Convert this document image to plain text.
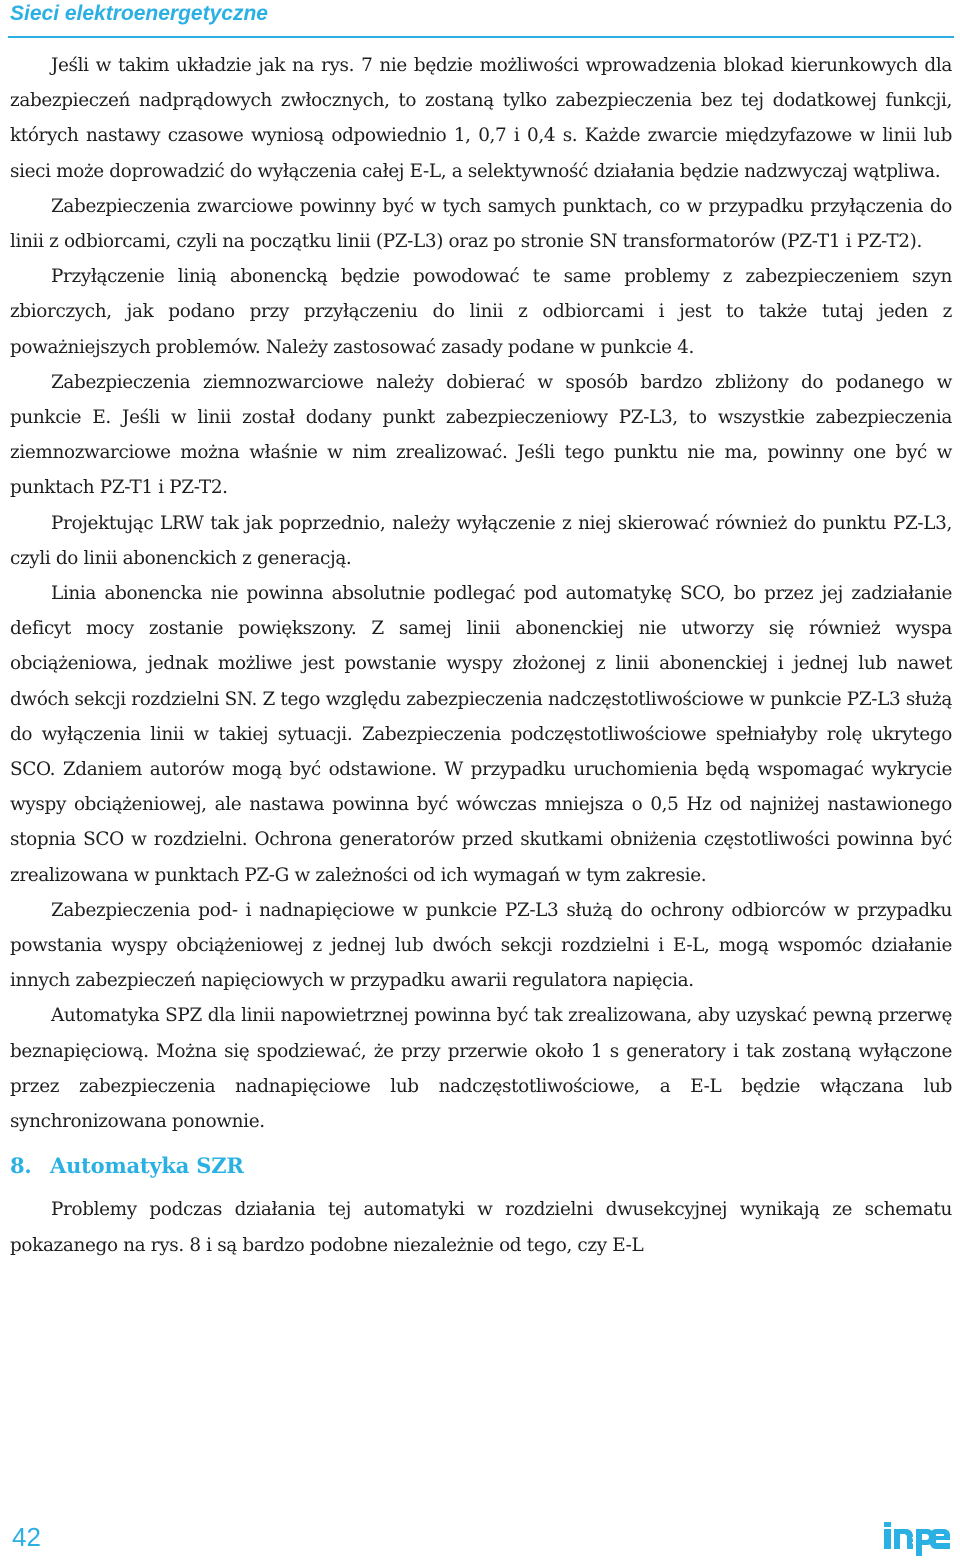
Sieci elektroenergetyczne

Jeśli w takim układzie jak na rys. 7 nie będzie możliwości wprowadzenia blokad kierunkowych dla zabezpieczeń nadprądowych zwłocznych, to zostaną tylko zabezpieczenia bez tej dodatkowej funkcji, których nastawy czasowe wyniosą odpowiednio 1, 0,7 i 0,4 s. Każde zwarcie międzyfazowe w linii lub sieci może doprowadzić do wyłączenia całej E-L, a selektywność działania będzie nadzwyczaj wątpliwa.

Zabezpieczenia zwarciowe powinny być w tych samych punktach, co w przypadku przyłączenia do linii z odbiorcami, czyli na początku linii (PZ-L3) oraz po stronie SN transformatorów (PZ-T1 i PZ-T2).

Przyłączenie linią abonencką będzie powodować te same problemy z zabezpieczeniem szyn zbiorczych, jak podano przy przyłączeniu do linii z odbiorcami i jest to także tutaj jeden z poważniejszych problemów. Należy zastosować zasady podane w punkcie 4.

Zabezpieczenia ziemnozwarciowe należy dobierać w sposób bardzo zbliżony do podanego w punkcie E. Jeśli w linii został dodany punkt zabezpieczeniowy PZ-L3, to wszystkie zabezpieczenia ziemnozwarciowe można właśnie w nim zrealizować. Jeśli tego punktu nie ma, powinny one być w punktach PZ-T1 i PZ-T2.

Projektując LRW tak jak poprzednio, należy wyłączenie z niej skierować również do punktu PZ-L3, czyli do linii abonenckich z generacją.

Linia abonencka nie powinna absolutnie podlegać pod automatykę SCO, bo przez jej zadziałanie deficyt mocy zostanie powiększony. Z samej linii abonenckiej nie utworzy się również wyspa obciążeniowa, jednak możliwe jest powstanie wyspy złożonej z linii abonenckiej i jednej lub nawet dwóch sekcji rozdzielni SN. Z tego względu zabezpieczenia nadczęstotliwościowe w punkcie PZ-L3 służą do wyłączenia linii w takiej sytuacji. Zabezpieczenia podczęstotliwościowe spełniałyby rolę ukrytego SCO. Zdaniem autorów mogą być odstawione. W przypadku uruchomienia będą wspomagać wykrycie wyspy obciążeniowej, ale nastawa powinna być wówczas mniejsza o 0,5 Hz od najniżej nastawionego stopnia SCO w rozdzielni. Ochrona generatorów przed skutkami obniżenia częstotliwości powinna być zrealizowana w punktach PZ-G w zależności od ich wymagań w tym zakresie.

Zabezpieczenia pod- i nadnapięciowe w punkcie PZ-L3 służą do ochrony odbiorców w przypadku powstania wyspy obciążeniowej z jednej lub dwóch sekcji rozdzielni i E-L, mogą wspomóc działanie innych zabezpieczeń napięciowych w przypadku awarii regulatora napięcia.

Automatyka SPZ dla linii napowietrznej powinna być tak zrealizowana, aby uzyskać pewną przerwę beznapięciową. Można się spodziewać, że przy przerwie około 1 s generatory i tak zostaną wyłączone przez zabezpieczenia nadnapięciowe lub nadczęstotliwościowe, a E-L będzie włączana lub synchronizowana ponownie.

8. Automatyka SZR

Problemy podczas działania tej automatyki w rozdzielni dwusekcyjnej wynikają ze schematu pokazanego na rys. 8 i są bardzo podobne niezależnie od tego, czy E-L

42
